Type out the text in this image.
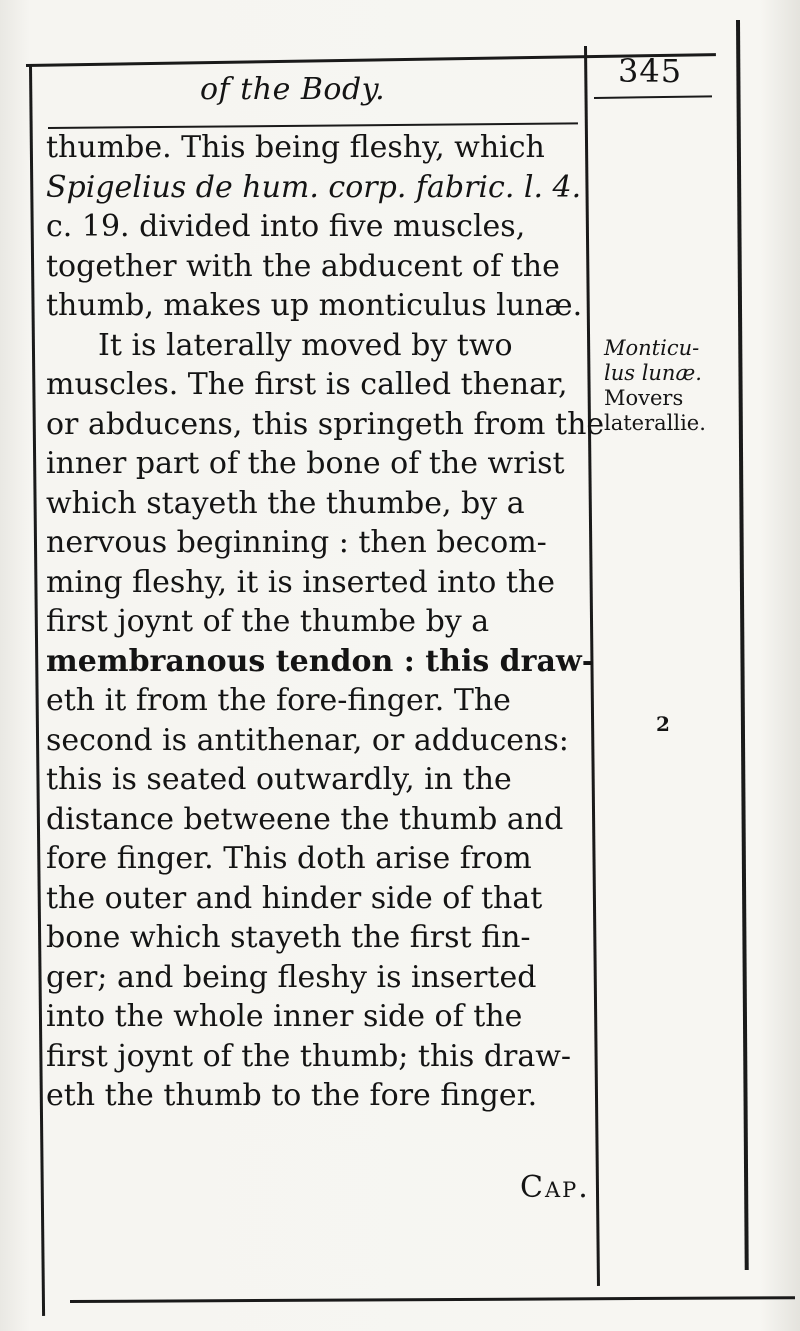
of the Body.	345
thumbe. This being fleshy, which
Spigelius de hum. corp. fabric. l. 4.
c. 19. divided into five muscles,
together with the abducent of the
thumb, makes up monticulus lunæ.
It is laterally moved by two
muscles. The first is called thenar,
or abducens, this springeth from the
inner part of the bone of the wrist
which stayeth the thumbe, by a
nervous beginning : then becom-
ming fleshy, it is inserted into the
first joynt of the thumbe by a
membranous tendon : this draw-
eth it from the fore-finger. The
second is antithenar, or adducens:
this is seated outwardly, in the
distance betweene the thumb and
fore finger. This doth arise from
the outer and hinder side of that
bone which stayeth the first fin-
ger; and being fleshy is inserted
into the whole inner side of the
first joynt of the thumb; this draw-
eth the thumb to the fore finger.
Monticu-
lus lunæ.
Movers
laterallie.
2
Cap.
